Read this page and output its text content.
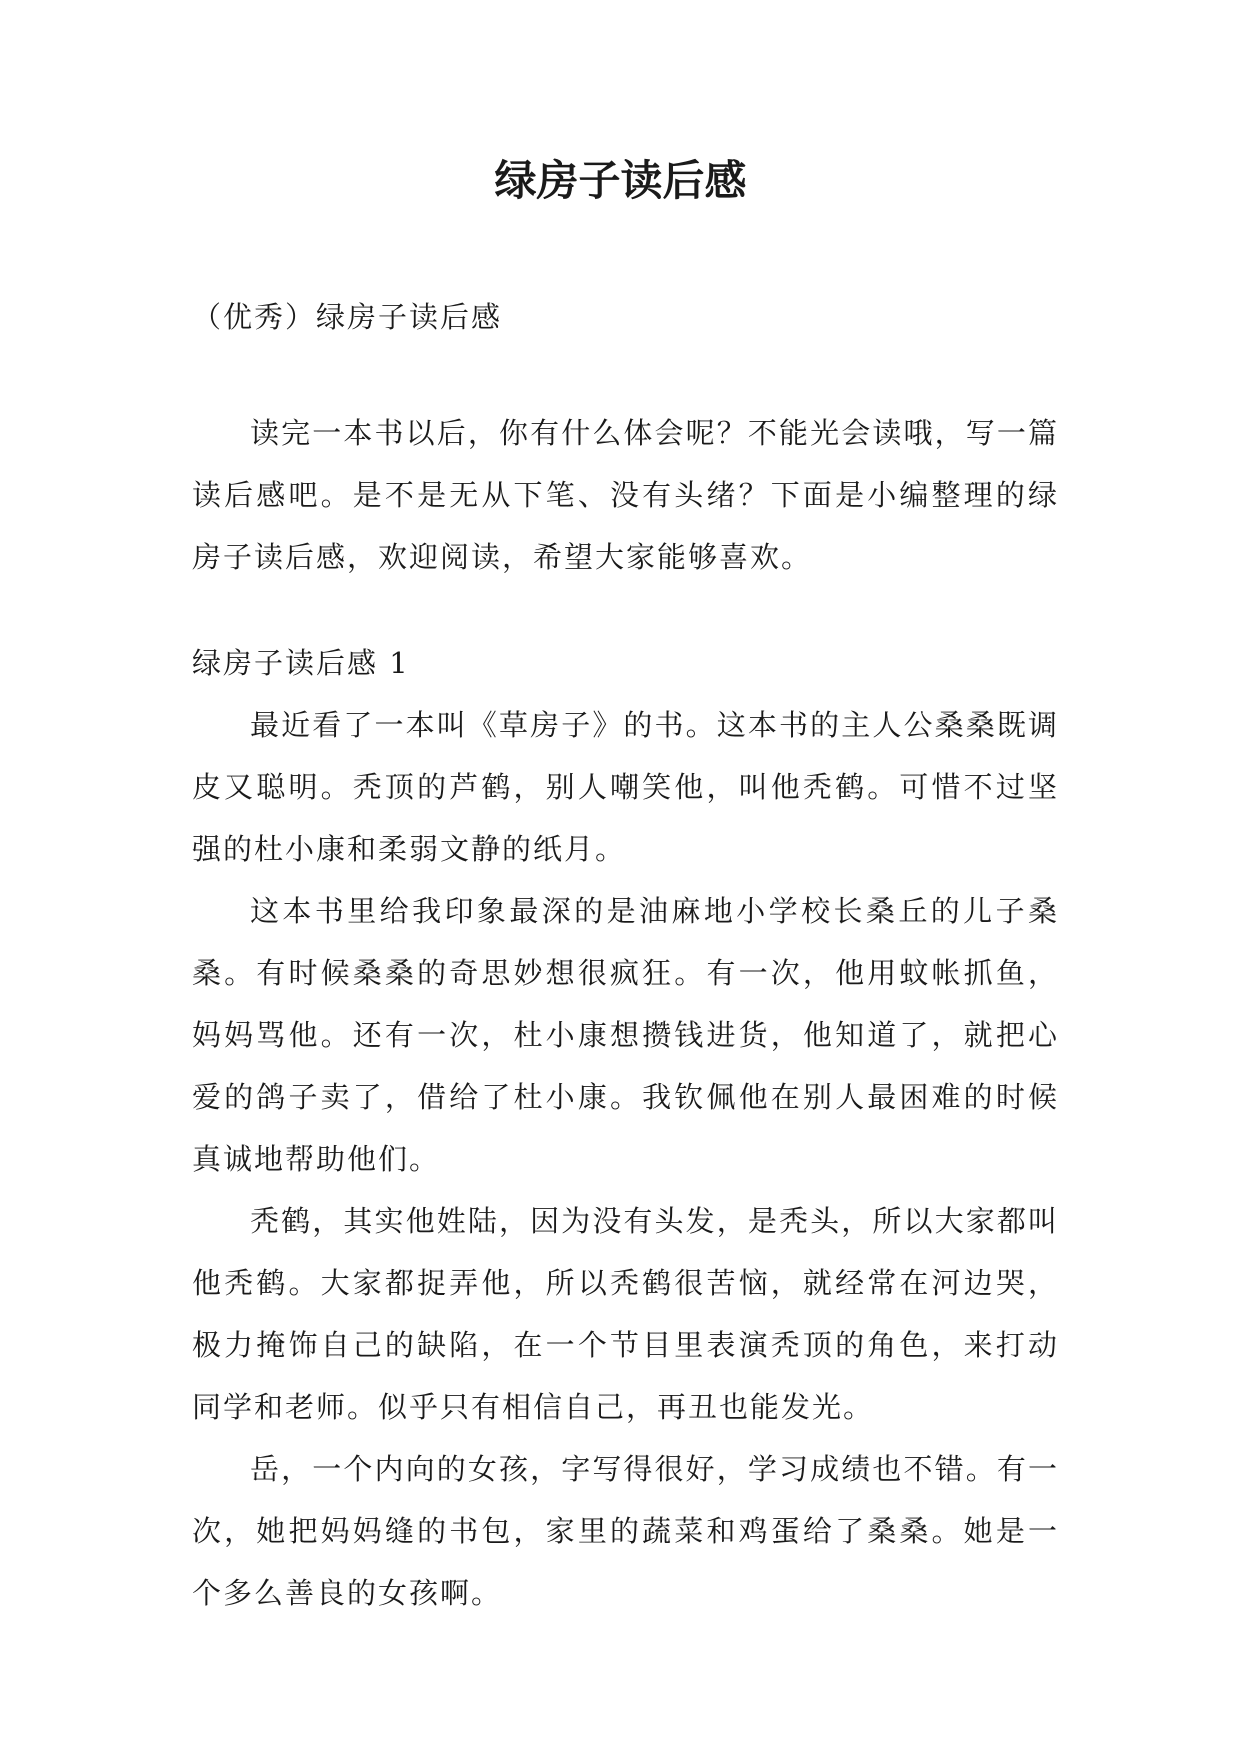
绿房子读后感

（优秀）绿房子读后感

读完一本书以后，你有什么体会呢？不能光会读哦，写一篇读后感吧。是不是无从下笔、没有头绪？下面是小编整理的绿房子读后感，欢迎阅读，希望大家能够喜欢。

绿房子读后感 1

最近看了一本叫《草房子》的书。这本书的主人公桑桑既调皮又聪明。秃顶的芦鹤，别人嘲笑他，叫他秃鹤。可惜不过坚强的杜小康和柔弱文静的纸月。

这本书里给我印象最深的是油麻地小学校长桑丘的儿子桑桑。有时候桑桑的奇思妙想很疯狂。有一次，他用蚊帐抓鱼，妈妈骂他。还有一次，杜小康想攒钱进货，他知道了，就把心爱的鸽子卖了，借给了杜小康。我钦佩他在别人最困难的时候真诚地帮助他们。

秃鹤，其实他姓陆，因为没有头发，是秃头，所以大家都叫他秃鹤。大家都捉弄他，所以秃鹤很苦恼，就经常在河边哭，极力掩饰自己的缺陷，在一个节目里表演秃顶的角色，来打动同学和老师。似乎只有相信自己，再丑也能发光。

岳，一个内向的女孩，字写得很好，学习成绩也不错。有一次，她把妈妈缝的书包，家里的蔬菜和鸡蛋给了桑桑。她是一个多么善良的女孩啊。
